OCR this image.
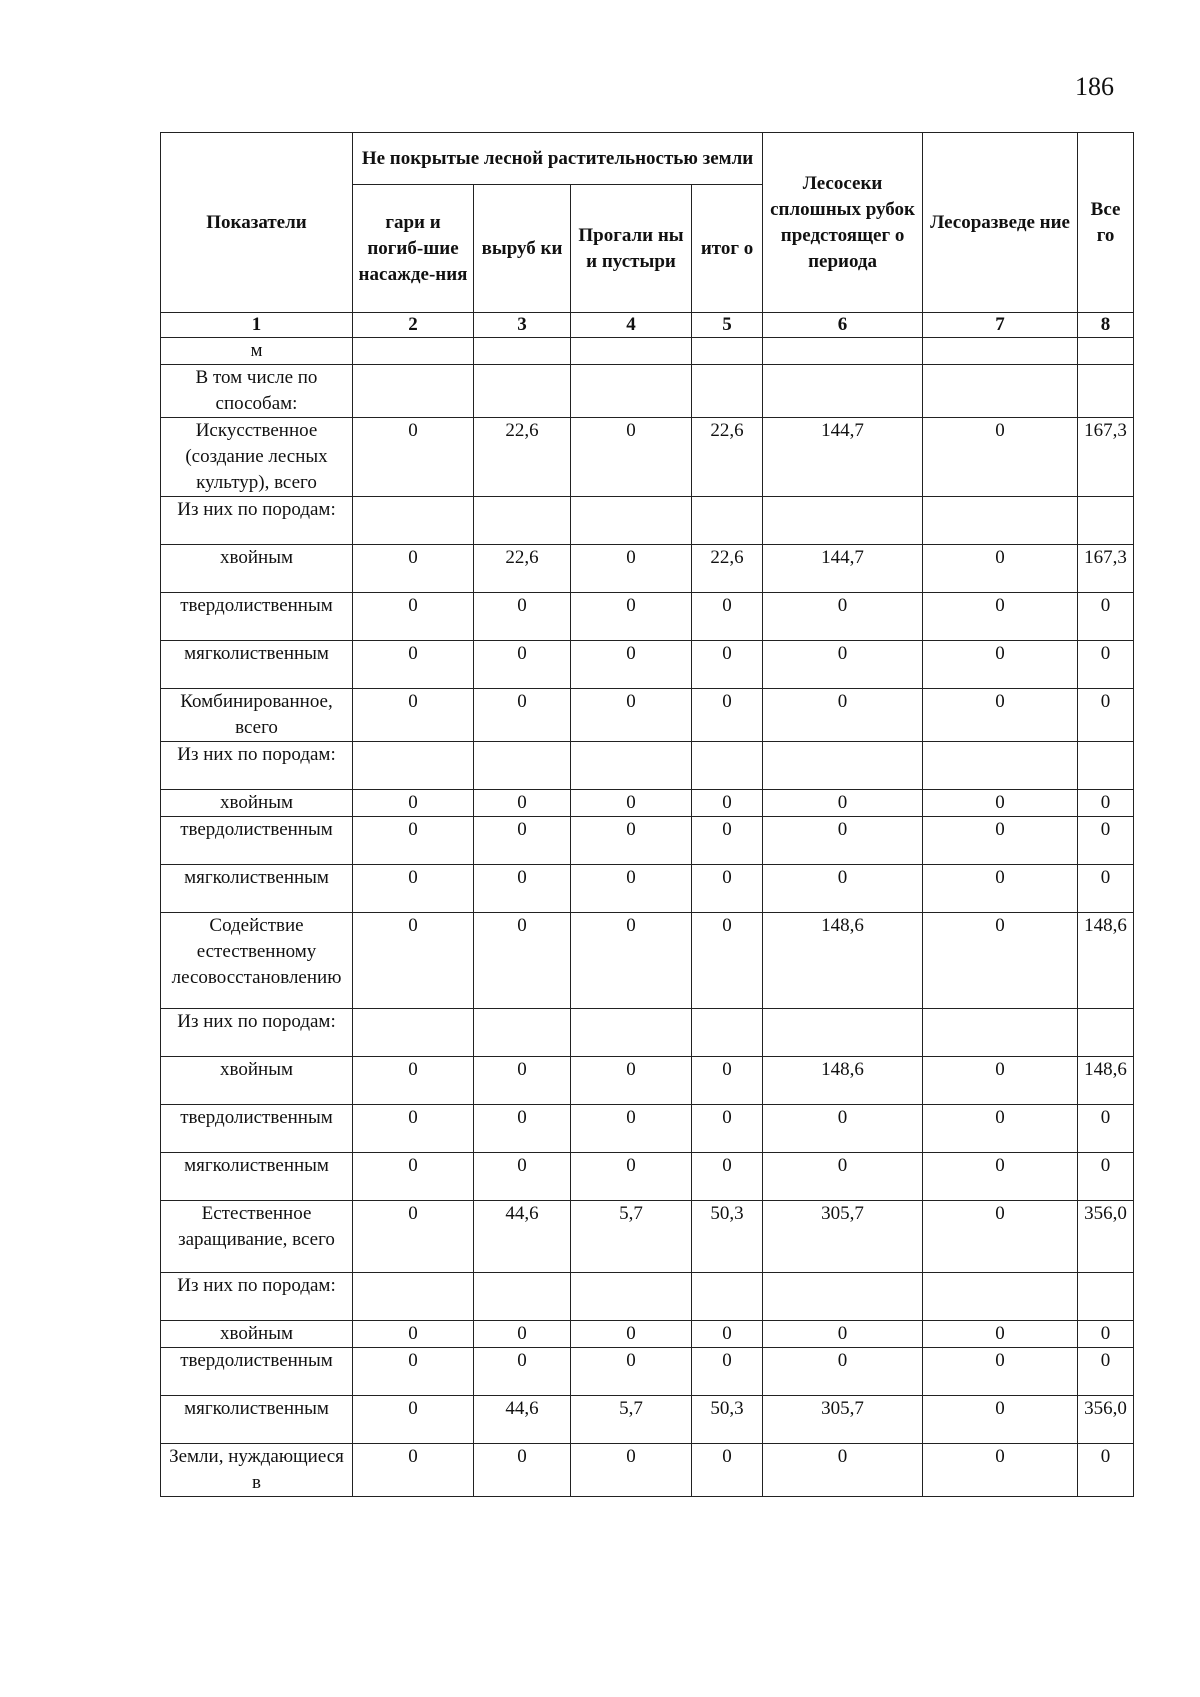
186
Показатели	Не покрытые лесной растительностью земли				Лесосеки сплошных рубок предстоящег о периода	Лесоразведе ние	Все го
	гари и погиб-шие насажде-ния	выруб ки	Прогали ны и пустыри	итог о			
1	2	3	4	5	6	7	8
м							
В том числе по способам:							
Искусственное (создание лесных культур), всего	0	22,6	0	22,6	144,7	0	167,3
Из них по породам:							
хвойным	0	22,6	0	22,6	144,7	0	167,3
твердолиственным	0	0	0	0	0	0	0
мягколиственным	0	0	0	0	0	0	0
Комбинированное, всего	0	0	0	0	0	0	0
Из них по породам:							
хвойным	0	0	0	0	0	0	0
твердолиственным	0	0	0	0	0	0	0
мягколиственным	0	0	0	0	0	0	0
Содействие естественному лесовосстановлению	0	0	0	0	148,6	0	148,6
Из них по породам:							
хвойным	0	0	0	0	148,6	0	148,6
твердолиственным	0	0	0	0	0	0	0
мягколиственным	0	0	0	0	0	0	0
Естественное заращивание, всего	0	44,6	5,7	50,3	305,7	0	356,0
Из них по породам:							
хвойным	0	0	0	0	0	0	0
твердолиственным	0	0	0	0	0	0	0
мягколиственным	0	44,6	5,7	50,3	305,7	0	356,0
Земли, нуждающиеся в	0	0	0	0	0	0	0
